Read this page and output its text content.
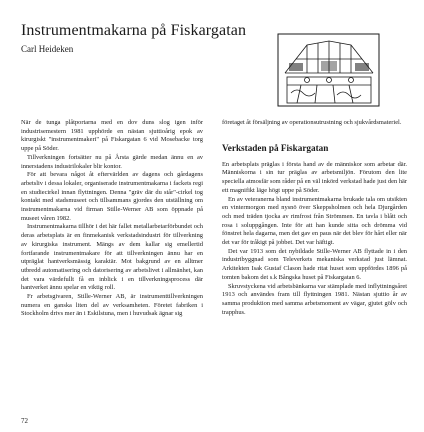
Instrumentmakarna på Fiskargatan

Carl Heideken

När de tunga plåtportarna med en dov duns slog igen inför industrisemestern 1981 upphörde en nästan sjuttioårig epok av kirurgiskt "instrumentmakeri" på Fiskargatan 6 vid Mosebacke torg uppe på Söder.

Tillverkningen fortsätter nu på Årsta gärde medan ännu en av innerstadens industrilokaler blir kontor.

För att bevara något åt eftervärlden av dagens och gårdagens arbetsliv i dessa lokaler, organiserade instrumentmakarna i fackets regi en studiecirkel innan flyttningen. Denna "gräv där du står"-cirkel tog kontakt med stadsmuseet och tillsammans gjordes den utställning om instrumentmakarna vid firman Stille-Werner AB som öppnade på museet våren 1982.

Instrumentmakarna tillhör i det här fallet metallarbetarförbundet och deras arbetsplats är en finmekanisk verkstadsindustri för tillverkning av kirurgiska instrument. Mängs av dem kallar sig emellertid fortfarande instrumentmakare för att tillverkningen ännu har en utpräglat hantverksmässig karaktär. Mot bakgrund av en alltmer utbredd automatisering och datorisering av arbetslivet i allmänhet, kan det vara värdefullt få en inblick i en tillverkningsprocess där hantverket ännu spelar en viktig roll.

Fr arbetsgivaren, Stille-Werner AB, är instrumenttillverkningen numera en ganska liten del av verksamheten. Företet fabriken i Stockholm drivs mer än i Eskilstuna, men i huvudsak ägnar sig

företaget åt försäljning av operationsutrustning och sjukvårdsmateriel.

Verkstaden på Fiskargatan

En arbetsplats präglas i första hand av de människor som arbetar där. Människorna i sin tur präglas av arbetsmiljön. Förutom den lite speciella atmosfär som råder på en väl inkörd verkstad hade just den här ett magnifikt läge högt uppe på Söder.

En av veteranerna bland instrumentmakarna brukade tala om utsikten en vintermorgon med nysnö över Skeppsholmen och hela Djurgården och med träden tjocka av rimfrost från Strömmen. En tavla i blått och rosa i soluppgången. Inte för att han kunde sitta och drömma vid fönstret hela dagarna, men det gav en paus när det blev för hårt eller när det var för tråkigt på jobbet. Det var häftigt.

Det var 1913 som det nybildade Stille-Werner AB flyttade in i den industribyggnad som Televerkets mekaniska verkstad just lämnat. Arkitekten Isak Gustaf Clason hade ritat huset som uppfördes 1896 på tomten bakom det s.k Bångska huset på Fiskargatan 6.

Skruvstyckena vid arbetsbänkarna var stämplade med inflyttningsåret 1913 och användes fram till flyttningen 1981. Nästan sjuttio år av samma produktion med samma arbetsmoment av vägar, gjutet gölv och trapphus.

72
